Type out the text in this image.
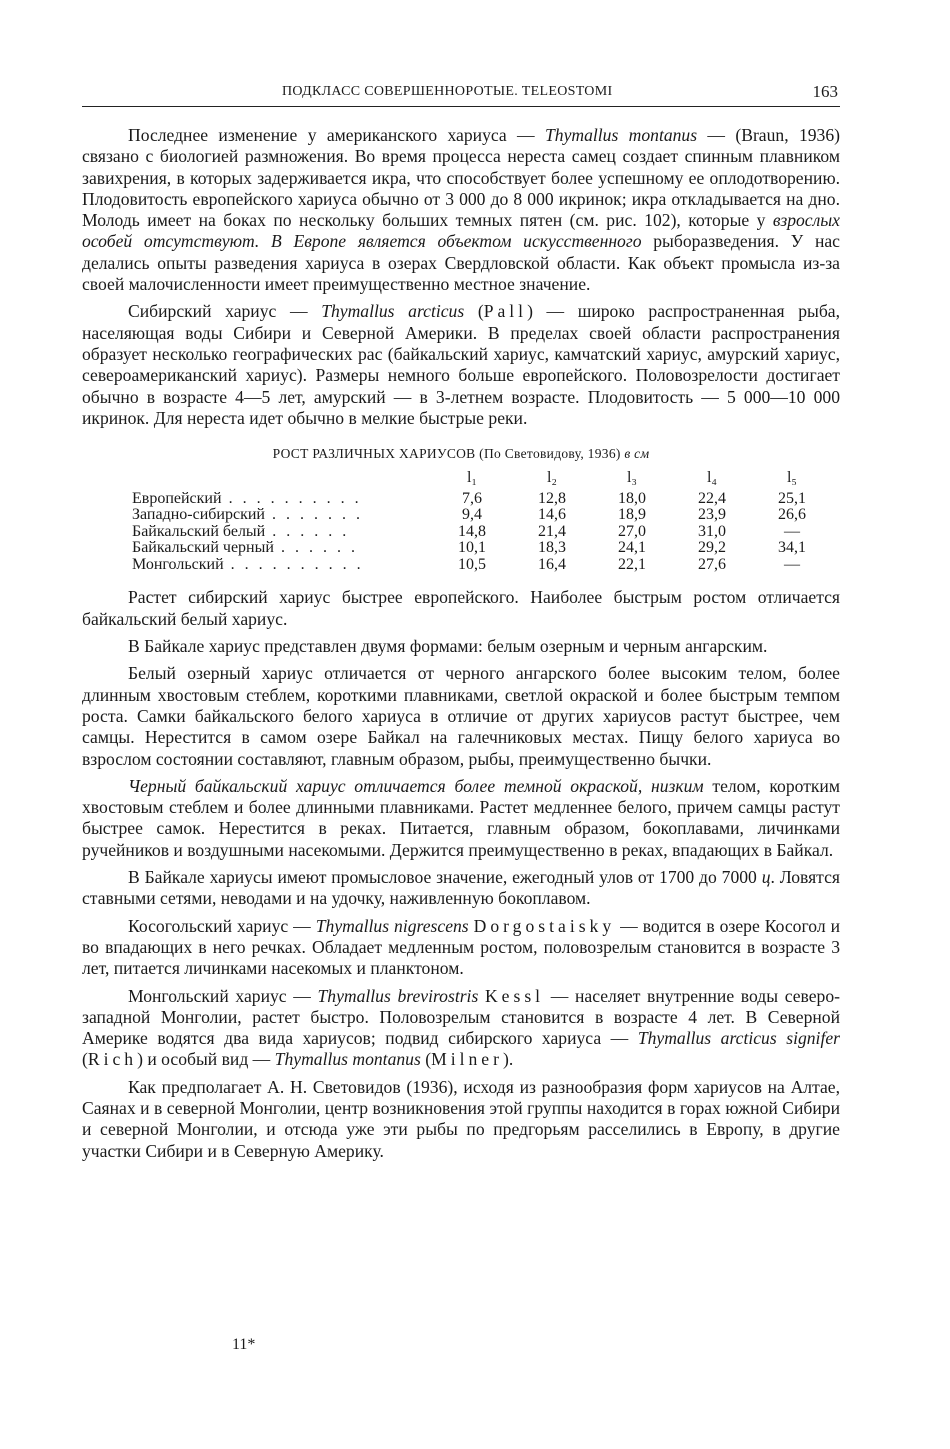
ПОДКЛАСС СОВЕРШЕННОРОТЫЕ. TELEOSTOMI	163

Последнее изменение у американского хариуса — Thymallus montanus — (Braun, 1936) связано с биологией размножения. Во время процесса нереста самец создает спинным плавником завихрения, в которых задерживается икра, что способствует более успешному ее оплодотворению. Плодовитость европейского хариуса обычно от 3 000 до 8 000 икринок; икра откладывается на дно. Молодь имеет на боках по нескольку больших темных пятен (см. рис. 102), которые у взрослых особей отсутствуют. В Европе является объектом искусственного рыборазведения. У нас делались опыты разведения хариуса в озерах Свердловской области. Как объект промысла из-за своей малочисленности имеет преимущественно местное значение.

Сибирский хариус — Thymallus arcticus (Pall) — широко распространенная рыба, населяющая воды Сибири и Северной Америки. В пределах своей области распространения образует несколько географических рас (байкальский хариус, камчатский хариус, амурский хариус, североамериканский хариус). Размеры немного больше европейского. Половозрелости достигает обычно в возрасте 4—5 лет, амурский — в 3-летнем возрасте. Плодовитость — 5 000—10 000 икринок. Для нереста идет обычно в мелкие быстрые реки.

РОСТ РАЗЛИЧНЫХ ХАРИУСОВ (По Световидову, 1936) в см
	l₁	l₂	l₃	l₄	l₅
Европейский . . . . . . . . . .	7,6	12,8	18,0	22,4	25,1
Западно-сибирский . . . . . . .	9,4	14,6	18,9	23,9	26,6
Байкальский белый . . . . . .	14,8	21,4	27,0	31,0	—
Байкальский черный . . . . . .	10,1	18,3	24,1	29,2	34,1
Монгольский . . . . . . . . . .	10,5	16,4	22,1	27,6	—

Растет сибирский хариус быстрее европейского. Наиболее быстрым ростом отличается байкальский белый хариус.

В Байкале хариус представлен двумя формами: белым озерным и черным ангарским.

Белый озерный хариус отличается от черного ангарского более высоким телом, более длинным хвостовым стеблем, короткими плавниками, светлой окраской и более быстрым темпом роста. Самки байкальского белого хариуса в отличие от других хариусов растут быстрее, чем самцы. Нерестится в самом озере Байкал на галечниковых местах. Пищу белого хариуса во взрослом состоянии составляют, главным образом, рыбы, преимущественно бычки.

Черный байкальский хариус отличается более темной окраской, низким телом, коротким хвостовым стеблем и более длинными плавниками. Растет медленнее белого, причем самцы растут быстрее самок. Нерестится в реках. Питается, главным образом, бокоплавами, личинками ручейников и воздушными насекомыми. Держится преимущественно в реках, впадающих в Байкал.

В Байкале хариусы имеют промысловое значение, ежегодный улов от 1700 до 7000 ц. Ловятся ставными сетями, неводами и на удочку, наживленную бокоплавом.

Косогольский хариус — Thymallus nigrescens Dorgostaisky — водится в озере Косогол и во впадающих в него речках. Обладает медленным ростом, половозрелым становится в возрасте 3 лет, питается личинками насекомых и планктоном.

Монгольский хариус — Thymallus brevirostris Kessl — населяет внутренние воды северо-западной Монголии, растет быстро. Половозрелым становится в возрасте 4 лет. В Северной Америке водятся два вида хариусов; подвид сибирского хариуса — Thymallus arcticus signifer (Rich) и особый вид — Thymallus montanus (Milner).

Как предполагает А. Н. Световидов (1936), исходя из разнообразия форм хариусов на Алтае, Саянах и в северной Монголии, центр возникновения этой группы находится в горах южной Сибири и северной Монголии, и отсюда уже эти рыбы по предгорьям расселились в Европу, в другие участки Сибири и в Северную Америку.

11*
